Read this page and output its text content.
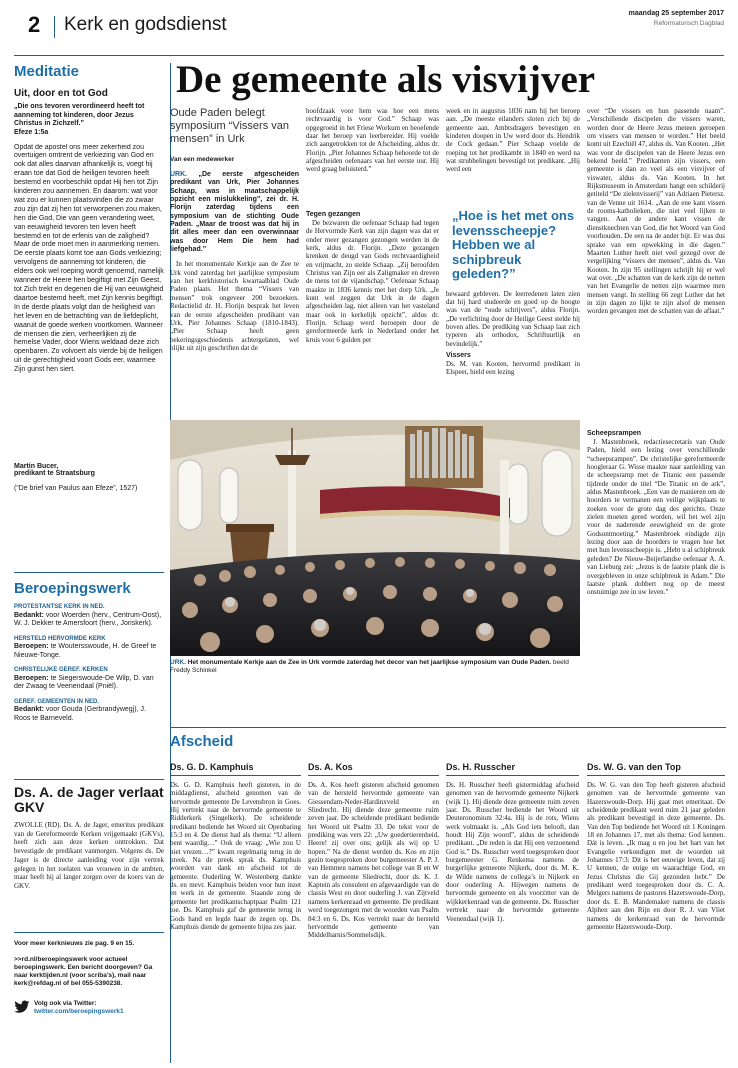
2 Kerk en godsdienst
maandag 25 september 2017
Reformatorisch Dagblad
Meditatie
Uit, door en tot God
„Die ons tevoren verordineerd heeft tot aanneming tot kinderen, door Jezus Christus in Zichzelf.”
Efeze 1:5a
Opdat de apostel ons meer zekerheid zou overtuigen omtrent de verkiezing van God en ook dat alles daarvan afhankelijk is, voegt hij eraan toe dat God de heiligen tevoren heeft bestemd en voorbeschikt opdat Hij hen tot Zijn kinderen zou aannemen. En daarom: wat voor wat zou er kunnen plaatsvinden die zo zwaar zou zijn dat zij hen tot verworpenen zou maken, hen die God, Die van geen verandering weet, van eeuwigheid tevoren ten leven heeft bestemd en tot de erfenis van de zaligheid? Maar de orde moet men in aanmerking nemen. De eerste plaats komt toe aan Gods verkiezing; vervolgens de aanneming tot kinderen, die elders ook wel roeping wordt genoemd, namelijk wanneer de Heere hen begiftigt met Zijn Geest, tot Zich trekt en degenen die Hij van eeuwigheid daartoe bestemd heeft, met Zijn kennis begiftigt. In de derde plaats volgt dan de heiligheid van het leven en de betrachting van de liefdeplicht, waaruit de goede werken voortkomen. Wanneer de mensen die zien, verheerlijken zij de hemelse Vader, door Wiens weldaad deze zich openbaren. Zo volvoert als vierde bij de heiligen uit de gerechtigheid voort Gods eer, waarmee Zijn gunst hen siert.
Martin Bucer,
predikant te Straatsburg
(“De brief van Paulus aan Efeze”, 1527)
Beroepingswerk
PROTESTANTSE KERK IN NED.
Bedankt: voor Woerden (herv., Centrum-Oost), W. J. Dekker te Amersfoort (herv., Joriskerk).
HERSTELD HERVORMDE KERK
Beroepen: te Woutersswoude, H. de Greef te Nieuwe-Tonge.
CHRISTELIJKE GEREF. KERKEN
Beroepen: te Siegerswoude-De Wilp, D. van der Zwaag te Veenendaal (Pniël).
GEREF. GEMEENTEN IN NED.
Bedankt: voor Gouda (Gerbrandywegj), J. Roos te Barneveld.
Ds. A. de Jager verlaat GKV
ZWOLLE (RD). Ds. A. de Jager, emeritus predikant van de Gereformeerde Kerken vrijgemaakt (GKVs), heeft zich aan deze kerken onttrokken. Dat bevestigde de predikant vanmorgen. Volgens ds. De Jager is de directe aanleiding voor zijn vertrek gelegen in het toelaten van vrouwen in de ambten, maar heeft hij al langer zorgen over de koers van de GKV.
Voor meer kerknieuws zie pag. 9 en 15.
>>rd.nl/beroepingswerk voor actueel beroepingswerk. Een bericht doorgeven? Ga naar kerktijden.nl (voor scriba’s), mail naar kerk@refdag.nl of bel 055-5390238.
Volg ook via Twitter:
twitter.com/beroepingswerk1
De gemeente als visvijver
Oude Paden belegt symposium “Vissers van mensen” in Urk
Van een medewerker
URK. „De eerste afgescheiden predikant van Urk, Pier Johannes Schaap, was in maatschappelijk opzicht een mislukkeling”, zei dr. H. Florijn zaterdag tijdens een symposium van de stichting Oude Paden. „Maar de troost was dat hij in dit alles meer dan een overwinnaar was door Hem Die hem had liefgehad.”
In het monumentale Kerkje aan de Zee te Urk vond zaterdag het jaarlijkse symposium van het kerkhistorisch kwartaalblad Oude Paden plaats. Het thema “Vissers van mensen” trok ongeveer 200 bezoekers. Redactielid dr. H. Florijn besprak het leven van de eerste afgescheiden predikant van Urk, Pier Johannes Schaap (1810-1843). „Pier Schaap heeft geen bekeringsgeschiedenis achtergelaten, wel blijkt uit zijn geschriften dat de
hoofdzaak voor hem was hoe een mens rechtvaardig is voor God.” Schaap was opgegroeid in het Friese Workum en beoefende daar het beroep van leerbereider. Hij voelde zich aangetrokken tot de Afscheiding, aldus dr. Florijn. „Pier Johannes Schaap behoorde tot de afgescheiden oefenaars van het eerste uur. Hij werd graag beluisterd.”
Tegen gezangen
De bezwaren die oefenaar Schaap had tegen de Hervormde Kerk van zijn dagen was dat er onder meer gezangen gezongen werden in de kerk, aldus dr. Florijn. „Deze gezangen krenken de deugd van Gods rechtvaardigheid en vrijmacht, zo stelde Schaap. „Zij beroofden Christus van Zijn eer als Zaligmaker en dreven de mens tot de vijandschap.” Oefenaar Schaap maakte in 1836 kennis met het dorp Urk. „Je kunt wel zeggen dat Urk in de dagen afgescheiden lag, niet alleen van het vasteland maar ook in kerkelijk opzicht”, aldus dr. Florijn. Schaap werd beroepen door de gereformeerde kerk in Nederland onder het kruis voor 6 gulden per
week en in augustus 1836 nam hij het beroep aan. „De meeste eilanders sloten zich bij de gemeente aan. Ambtsdragers bevestigen en kinderen doopen in Uw werd door ds. Hendrik de Cock gedaan.” Pier Schaap voelde de roeping tot het predikambt in 1840 en werd na wat strubbelingen bevestigd tot predikant. „Hij werd een
„Hoe is het met ons levensscheepje? Hebben we al schipbreuk geleden?”
bewaard gebleven. De leerredenen laten zien dat hij hard studeerde en goed op de hoogte was van de “oude schrijvers”, aldus Florijn. „De verlichting door de Heilige Geest stelde hij boven alles. De prediking van Schaap laat zich typeren als orthodox, Schriftuurlijk en bevindelijk.”
Vissers
Ds. M. van Kooten, hervormd predikant in Elspeet, hield een lezing
over “De vissers en hun passende naam”. „Verschillende discipelen die vissers waren, worden door de Heere Jezus meteen geroepen om vissers van mensen te worden.” Het beeld komt uit Ezechiël 47, aldus ds. Van Kooten. „Het was voor de discipelen van de Heere Jezus een bekend beeld.” Predikanten zijn vissers, een gemeente is dan zo veel als een visvijver of viswater, aldus ds. Van Kooten. In het Rijksmuseum in Amsterdam hangt een schilderij getiteld “De zielenvisserij” van Adriaen Pietersz. van de Venne uit 1614. „Aan de ene kant vissen de rooms-katholieken, die niet veel lijken te vangen. Aan de andere kant vissen de dienstknechten van God, die het Woord van God voorhouden. De een na de ander bijt. Er was dus sprake van een opwekking in die dagen.” Maarten Luther heeft niet veel gezegd over de vergelijking “vissers der mensen”, aldus ds. Van Kooten. In zijn 95 stellingen schrijft hij er wel wat over. „De schatten van de kerk zijn de netten van het Evangelie de netten zijn waarmee men mensen vangt. In stelling 66 zegt Luther dat het in zijn dagen zo lijkt te zijn alsof de mensen worden gevangen met de schatten van de aflaat.”
Scheepsrampen
J. Mastenbroek, redactiesecretaris van Oude Paden, hield een lezing over verschillende “scheepsrampen”. De christelijke gereformeerde hoogleraar G. Wisse maakte naar aanleiding van de scheepsramp met de Titanic een passende tijdrede onder de titel “De Titanic en de ark”, aldus Mastenbroek. „Een van de manieren om de hoorders te vermanen een veilige wijkplaats te zoeken voor de grote dag des gerichts. Onze zielen moeten gered worden, wil het wel zijn voor de naderende eeuwigheid en de grote Godsontmoeting.” Mastenbroek eindigde zijn lezing door aan de hoorders te vragen hoe het met hun levensscheepje is. „Hebt u al schipbreuk geleden? De Nieuw-Beijerlandse oefenaar A. A. van Lieburg zei: „Jezus is de laatste plank die is overgebleven in onze schipbreuk in Adam.” Die laatste plank dobbert nog op de meest onstuimige zee in uw leven.”
URK. Het monumentale Kerkje aan de Zee in Urk vormde zaterdag het decor van het jaarlijkse symposium van Oude Paden. beeld Freddy Schinkel
Afscheid
Ds. G. D. Kamphuis
Ds. G. D. Kamphuis heeft gisteren, in de middagdienst, afscheid genomen van de hervormde gemeente De Levensbron in Goes. Hij vertrekt naar de hervormde gemeente te Ridderkerk (Singelkerk). De scheidende predikant bediende het Woord uit Openbaring 15:3 en 4. De dienst had als thema: “U alleen bent waardig…” Ook de vraag: „Wie zou U niet vrezen…?” kwam regelmatig terug in de preek. Na de preek sprak ds. Kamphuis woorden van dank en afscheid tot de gemeente. Ouderling W. Westenberg dankte ds. en mevr. Kamphuis beiden voor hun inzet en werk in de gemeente. Staande zong de gemeente het predikantschaptpaar Psalm 121 toe. Ds. Kamphuis gaf de gemeente terug in Gods hand en legde haar de zegen op. Ds. Kamphuis diende de gemeente bijna zes jaar.
Ds. A. Kos
Ds. A. Kos heeft gisteren afscheid genomen van de hersteld hervormde gemeente van Giessendam-Neder-Hardinxveld en Sliedrecht. Hij diende deze gemeente ruim zeven jaar. De scheidende predikant bediende het Woord uit Psalm 33. De tekst voor de prediking was vers 22: „Uw goedertierenheid, Heere! zij over ons; gelijk als wij op U hopen.” Na de dienst werden ds. Kos en zijn gezin toegesproken door burgemeester A. P. J. van Hemmen namens het college van B en W van de gemeente Sliedrecht, door ds. K. J. Kaptein als consulent en afgevaardigde van de classis West en door ouderling J. van Zijtveld namens kerkenraad en gemeente. De predikant werd toegezongen met de woorden van Psalm 84:3 en 6. Ds. Kos vertrekt naar de hersteld hervormde gemeente van Middelharnis/Sommelsdijk.
Ds. H. Russcher
Ds. H. Russcher heeft gistermiddag afscheid genomen van de hervormde gemeente Nijkerk (wijk 1). Hij diende deze gemeente ruim zeven jaar. Ds. Russcher bediende het Woord uit Deuteronomium 32:4a. Hij is de rots, Wiens werk volmaakt is. „Als God iets belooft, dan houdt Hij Zijn woord”, aldus de scheidende predikant. „De reden is dat Hij een verzoenend God is.” Ds. Russcher werd toegesproken door burgemeester G. Renkema namens de burgerlijke gemeente Nijkerk, door ds. M. K. de Wilde namens de collega’s in Nijkerk en door ouderling A. Hijwegen namens de hervormde gemeente en als voorzitter van de wijkkerkenraad van de gemeente. Ds. Russcher vertrekt naar de hervormde gemeente Veenendaal (wijk 1).
Ds. W. G. van den Top
Ds. W. G. van den Top heeft gisteren afscheid genomen van de hervormde gemeente van Hazerswoude-Dorp. Hij gaat met emeritaat. De scheidende predikant werd ruim 21 jaar geleden als predikant bevestigd in deze gemeente. Ds. Van den Top bediende het Woord uit 1 Koningen 18 en Johannes 17, met als thema: God kennen. Dát is leven. „Ik mag u en jou het hart van het Evangelie verkondigen met de woorden uit Johannes 17:3: Dit is het eeuwige leven, dat zij U kennen, de enige en waarachtige God, en Jezus Christus die Gij gezonden hebt.” De predikant werd toegesproken door ds. C. A. Melgers namens de pastores Hazerswoude-Dorp, door ds. E. B. Mandemaker namens de classis Alphen aan den Rijn en door R. J. van Vliet namens de kerkenraad van de hervormde gemeente Hazerswoude-Dorp.
